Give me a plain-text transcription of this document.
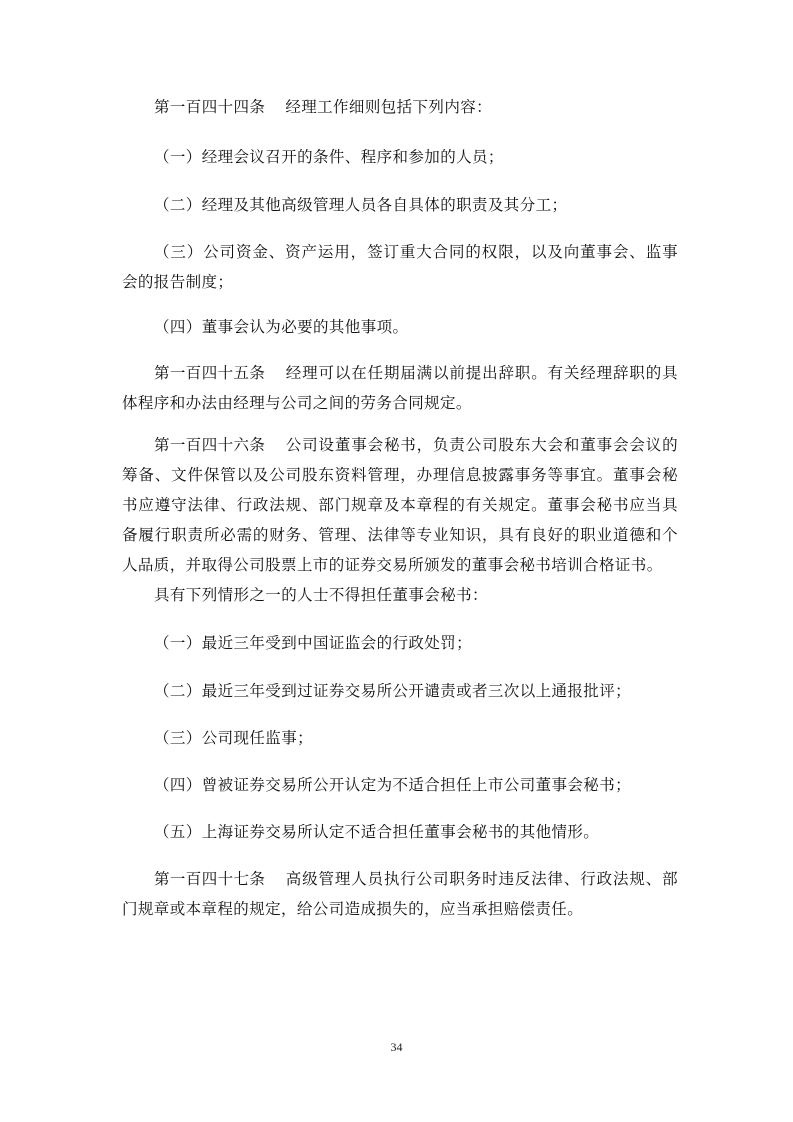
第一百四十四条 经理工作细则包括下列内容：

（一）经理会议召开的条件、程序和参加的人员；

（二）经理及其他高级管理人员各自具体的职责及其分工；

（三）公司资金、资产运用，签订重大合同的权限，以及向董事会、监事会的报告制度；

（四）董事会认为必要的其他事项。

第一百四十五条 经理可以在任期届满以前提出辞职。有关经理辞职的具体程序和办法由经理与公司之间的劳务合同规定。

第一百四十六条 公司设董事会秘书，负责公司股东大会和董事会会议的筹备、文件保管以及公司股东资料管理，办理信息披露事务等事宜。董事会秘书应遵守法律、行政法规、部门规章及本章程的有关规定。董事会秘书应当具备履行职责所必需的财务、管理、法律等专业知识，具有良好的职业道德和个人品质，并取得公司股票上市的证券交易所颁发的董事会秘书培训合格证书。

具有下列情形之一的人士不得担任董事会秘书：

（一）最近三年受到中国证监会的行政处罚；

（二）最近三年受到过证券交易所公开谴责或者三次以上通报批评；

（三）公司现任监事；

（四）曾被证券交易所公开认定为不适合担任上市公司董事会秘书；

（五）上海证券交易所认定不适合担任董事会秘书的其他情形。

第一百四十七条 高级管理人员执行公司职务时违反法律、行政法规、部门规章或本章程的规定，给公司造成损失的，应当承担赔偿责任。

34
